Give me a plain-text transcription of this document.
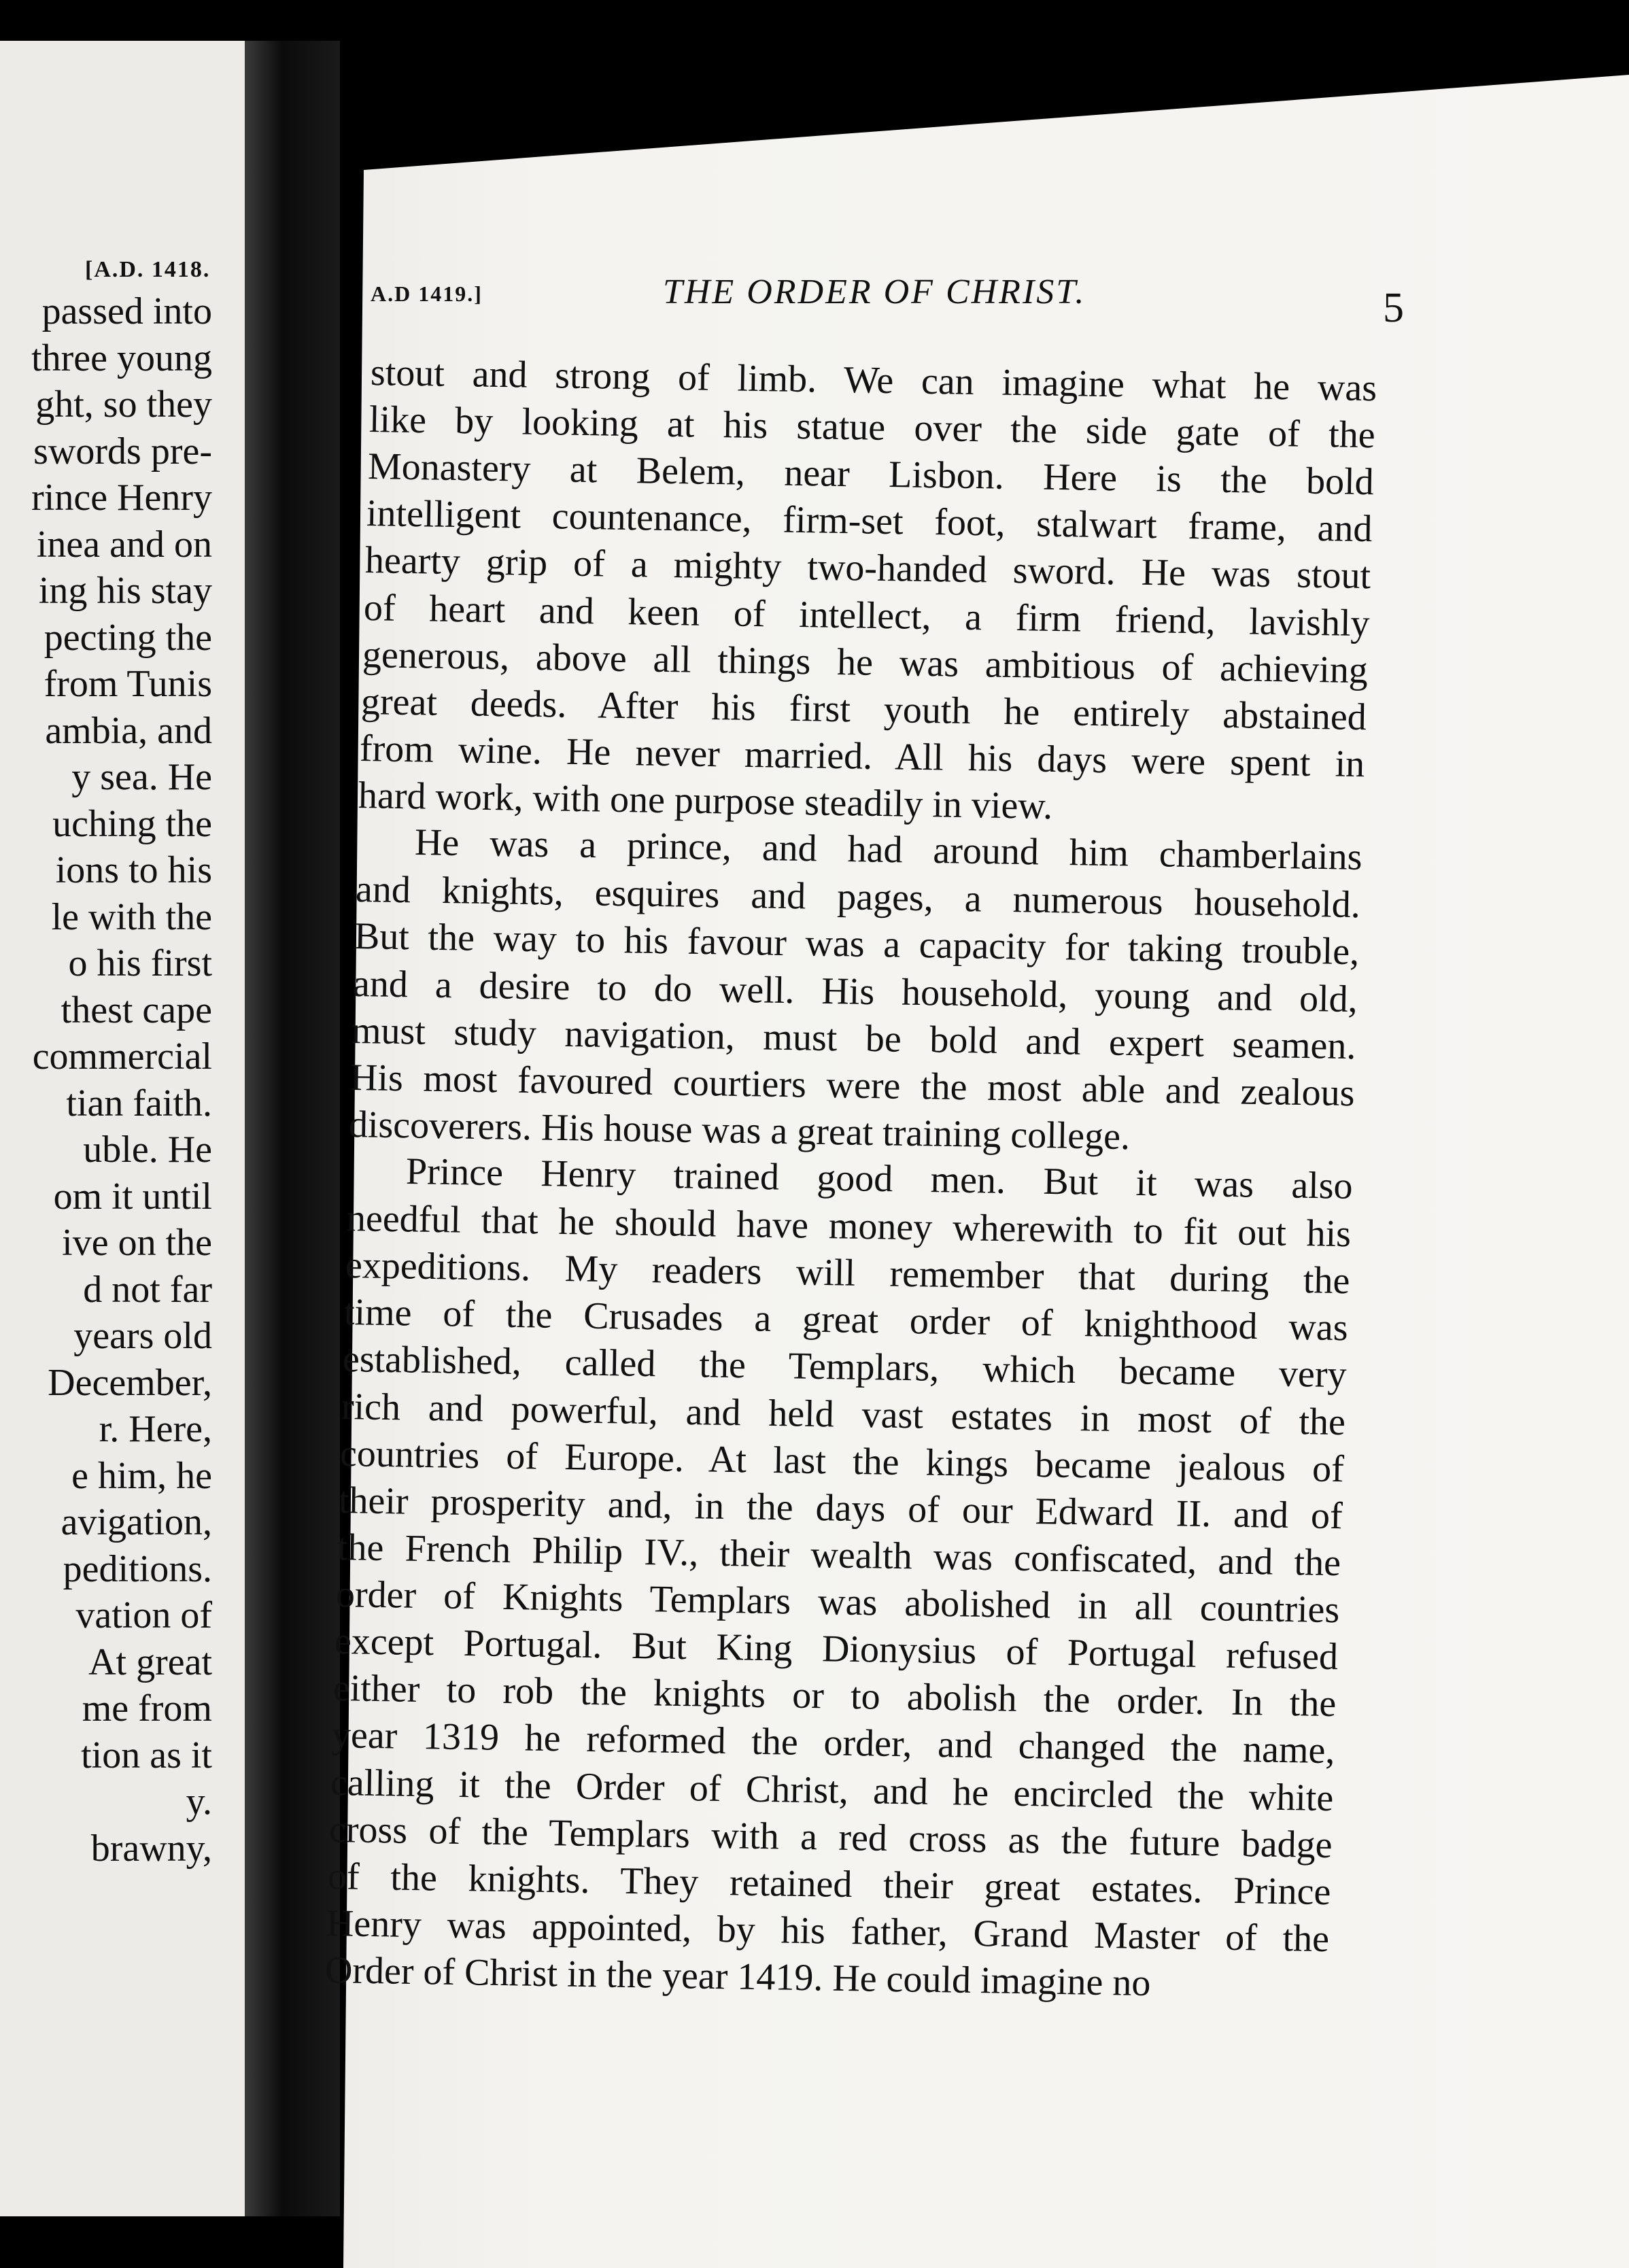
[A.D. 1418.
passed into
three young
ght, so they
swords pre-
rince Henry
inea and on
ing his stay
pecting the
from Tunis
ambia, and
y sea. He
uching the
ions to his
le with the
o his first
thest cape
commercial
tian faith.
uble. He
om it until
ive on the
d not far
years old
December,
r. Here,
e him, he
avigation,
peditions.
vation of
At great
me from
tion as it
y.
brawny,
A.D 1419.]	THE ORDER OF CHRIST.	5
stout and strong of limb. We can imagine what he was
like by looking at his statue over the side gate of the
Monastery at Belem, near Lisbon. Here is the bold
intelligent countenance, firm-set foot, stalwart frame, and
hearty grip of a mighty two-handed sword. He was stout
of heart and keen of intellect, a firm friend, lavishly
generous, above all things he was ambitious of achieving
great deeds. After his first youth he entirely abstained
from wine. He never married. All his days were spent in
hard work, with one purpose steadily in view.
He was a prince, and had around him chamberlains
and knights, esquires and pages, a numerous household.
But the way to his favour was a capacity for taking trouble,
and a desire to do well. His household, young and old,
must study navigation, must be bold and expert seamen.
His most favoured courtiers were the most able and zealous
discoverers. His house was a great training college.
Prince Henry trained good men. But it was also
needful that he should have money wherewith to fit out his
expeditions. My readers will remember that during the
time of the Crusades a great order of knighthood was
established, called the Templars, which became very
rich and powerful, and held vast estates in most of the
countries of Europe. At last the kings became jealous of
their prosperity and, in the days of our Edward II. and of
the French Philip IV., their wealth was confiscated, and the
order of Knights Templars was abolished in all countries
except Portugal. But King Dionysius of Portugal refused
either to rob the knights or to abolish the order. In the
year 1319 he reformed the order, and changed the name,
calling it the Order of Christ, and he encircled the white
cross of the Templars with a red cross as the future badge
of the knights. They retained their great estates. Prince
Henry was appointed, by his father, Grand Master of the
Order of Christ in the year 1419. He could imagine no
